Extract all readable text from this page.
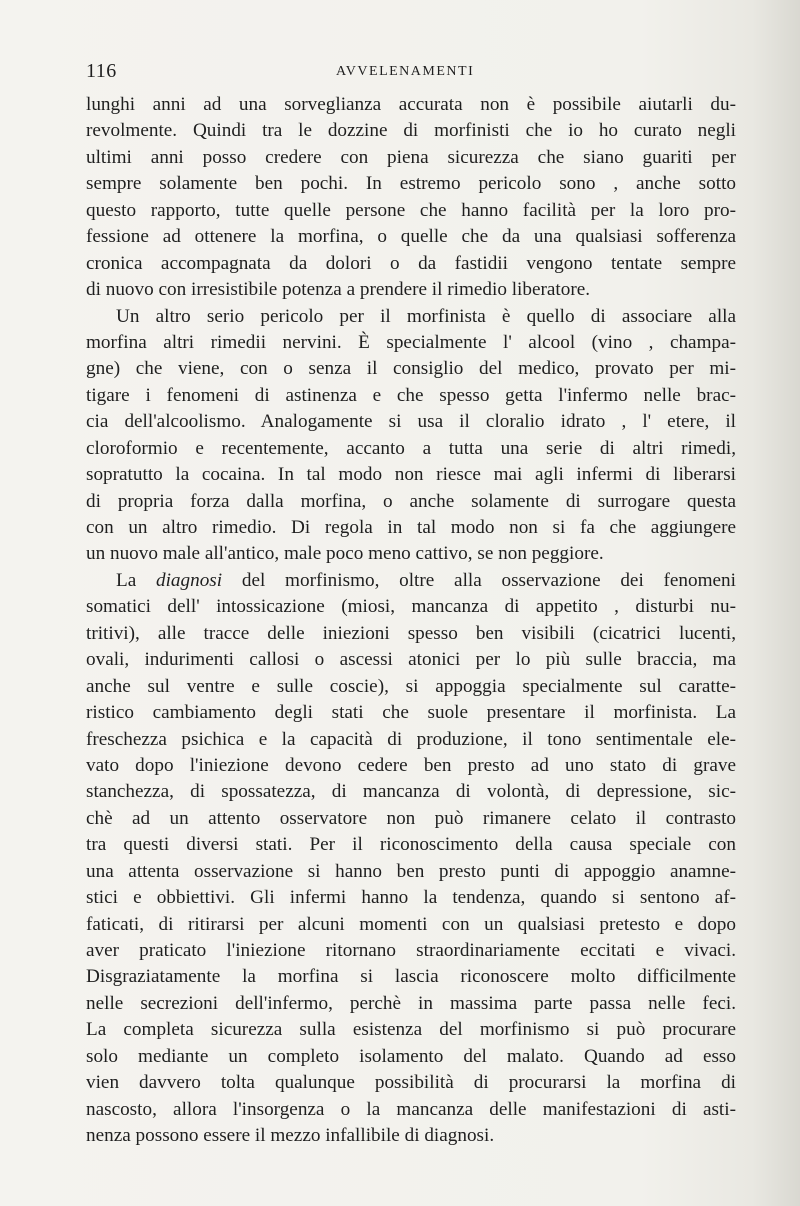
116	AVVELENAMENTI
lunghi anni ad una sorveglianza accurata non è possibile aiutarli du-
revolmente. Quindi tra le dozzine di morfinisti che io ho curato negli
ultimi anni posso credere con piena sicurezza che siano guariti per
sempre solamente ben pochi. In estremo pericolo sono , anche sotto
questo rapporto, tutte quelle persone che hanno facilità per la loro pro-
fessione ad ottenere la morfina, o quelle che da una qualsiasi sofferenza
cronica accompagnata da dolori o da fastidii vengono tentate sempre
di nuovo con irresistibile potenza a prendere il rimedio liberatore.
Un altro serio pericolo per il morfinista è quello di associare alla
morfina altri rimedii nervini. È specialmente l' alcool (vino , champa-
gne) che viene, con o senza il consiglio del medico, provato per mi-
tigare i fenomeni di astinenza e che spesso getta l'infermo nelle brac-
cia dell'alcoolismo. Analogamente si usa il cloralio idrato , l' etere, il
cloroformio e recentemente, accanto a tutta una serie di altri rimedi,
sopratutto la cocaina. In tal modo non riesce mai agli infermi di liberarsi
di propria forza dalla morfina, o anche solamente di surrogare questa
con un altro rimedio. Di regola in tal modo non si fa che aggiungere
un nuovo male all'antico, male poco meno cattivo, se non peggiore.
La diagnosi del morfinismo, oltre alla osservazione dei fenomeni
somatici dell' intossicazione (miosi, mancanza di appetito , disturbi nu-
tritivi), alle tracce delle iniezioni spesso ben visibili (cicatrici lucenti,
ovali, indurimenti callosi o ascessi atonici per lo più sulle braccia, ma
anche sul ventre e sulle coscie), si appoggia specialmente sul caratte-
ristico cambiamento degli stati che suole presentare il morfinista. La
freschezza psichica e la capacità di produzione, il tono sentimentale ele-
vato dopo l'iniezione devono cedere ben presto ad uno stato di grave
stanchezza, di spossatezza, di mancanza di volontà, di depressione, sic-
chè ad un attento osservatore non può rimanere celato il contrasto
tra questi diversi stati. Per il riconoscimento della causa speciale con
una attenta osservazione si hanno ben presto punti di appoggio anamne-
stici e obbiettivi. Gli infermi hanno la tendenza, quando si sentono af-
faticati, di ritirarsi per alcuni momenti con un qualsiasi pretesto e dopo
aver praticato l'iniezione ritornano straordinariamente eccitati e vivaci.
Disgraziatamente la morfina si lascia riconoscere molto difficilmente
nelle secrezioni dell'infermo, perchè in massima parte passa nelle feci.
La completa sicurezza sulla esistenza del morfinismo si può procurare
solo mediante un completo isolamento del malato. Quando ad esso
vien davvero tolta qualunque possibilità di procurarsi la morfina di
nascosto, allora l'insorgenza o la mancanza delle manifestazioni di asti-
nenza possono essere il mezzo infallibile di diagnosi.
